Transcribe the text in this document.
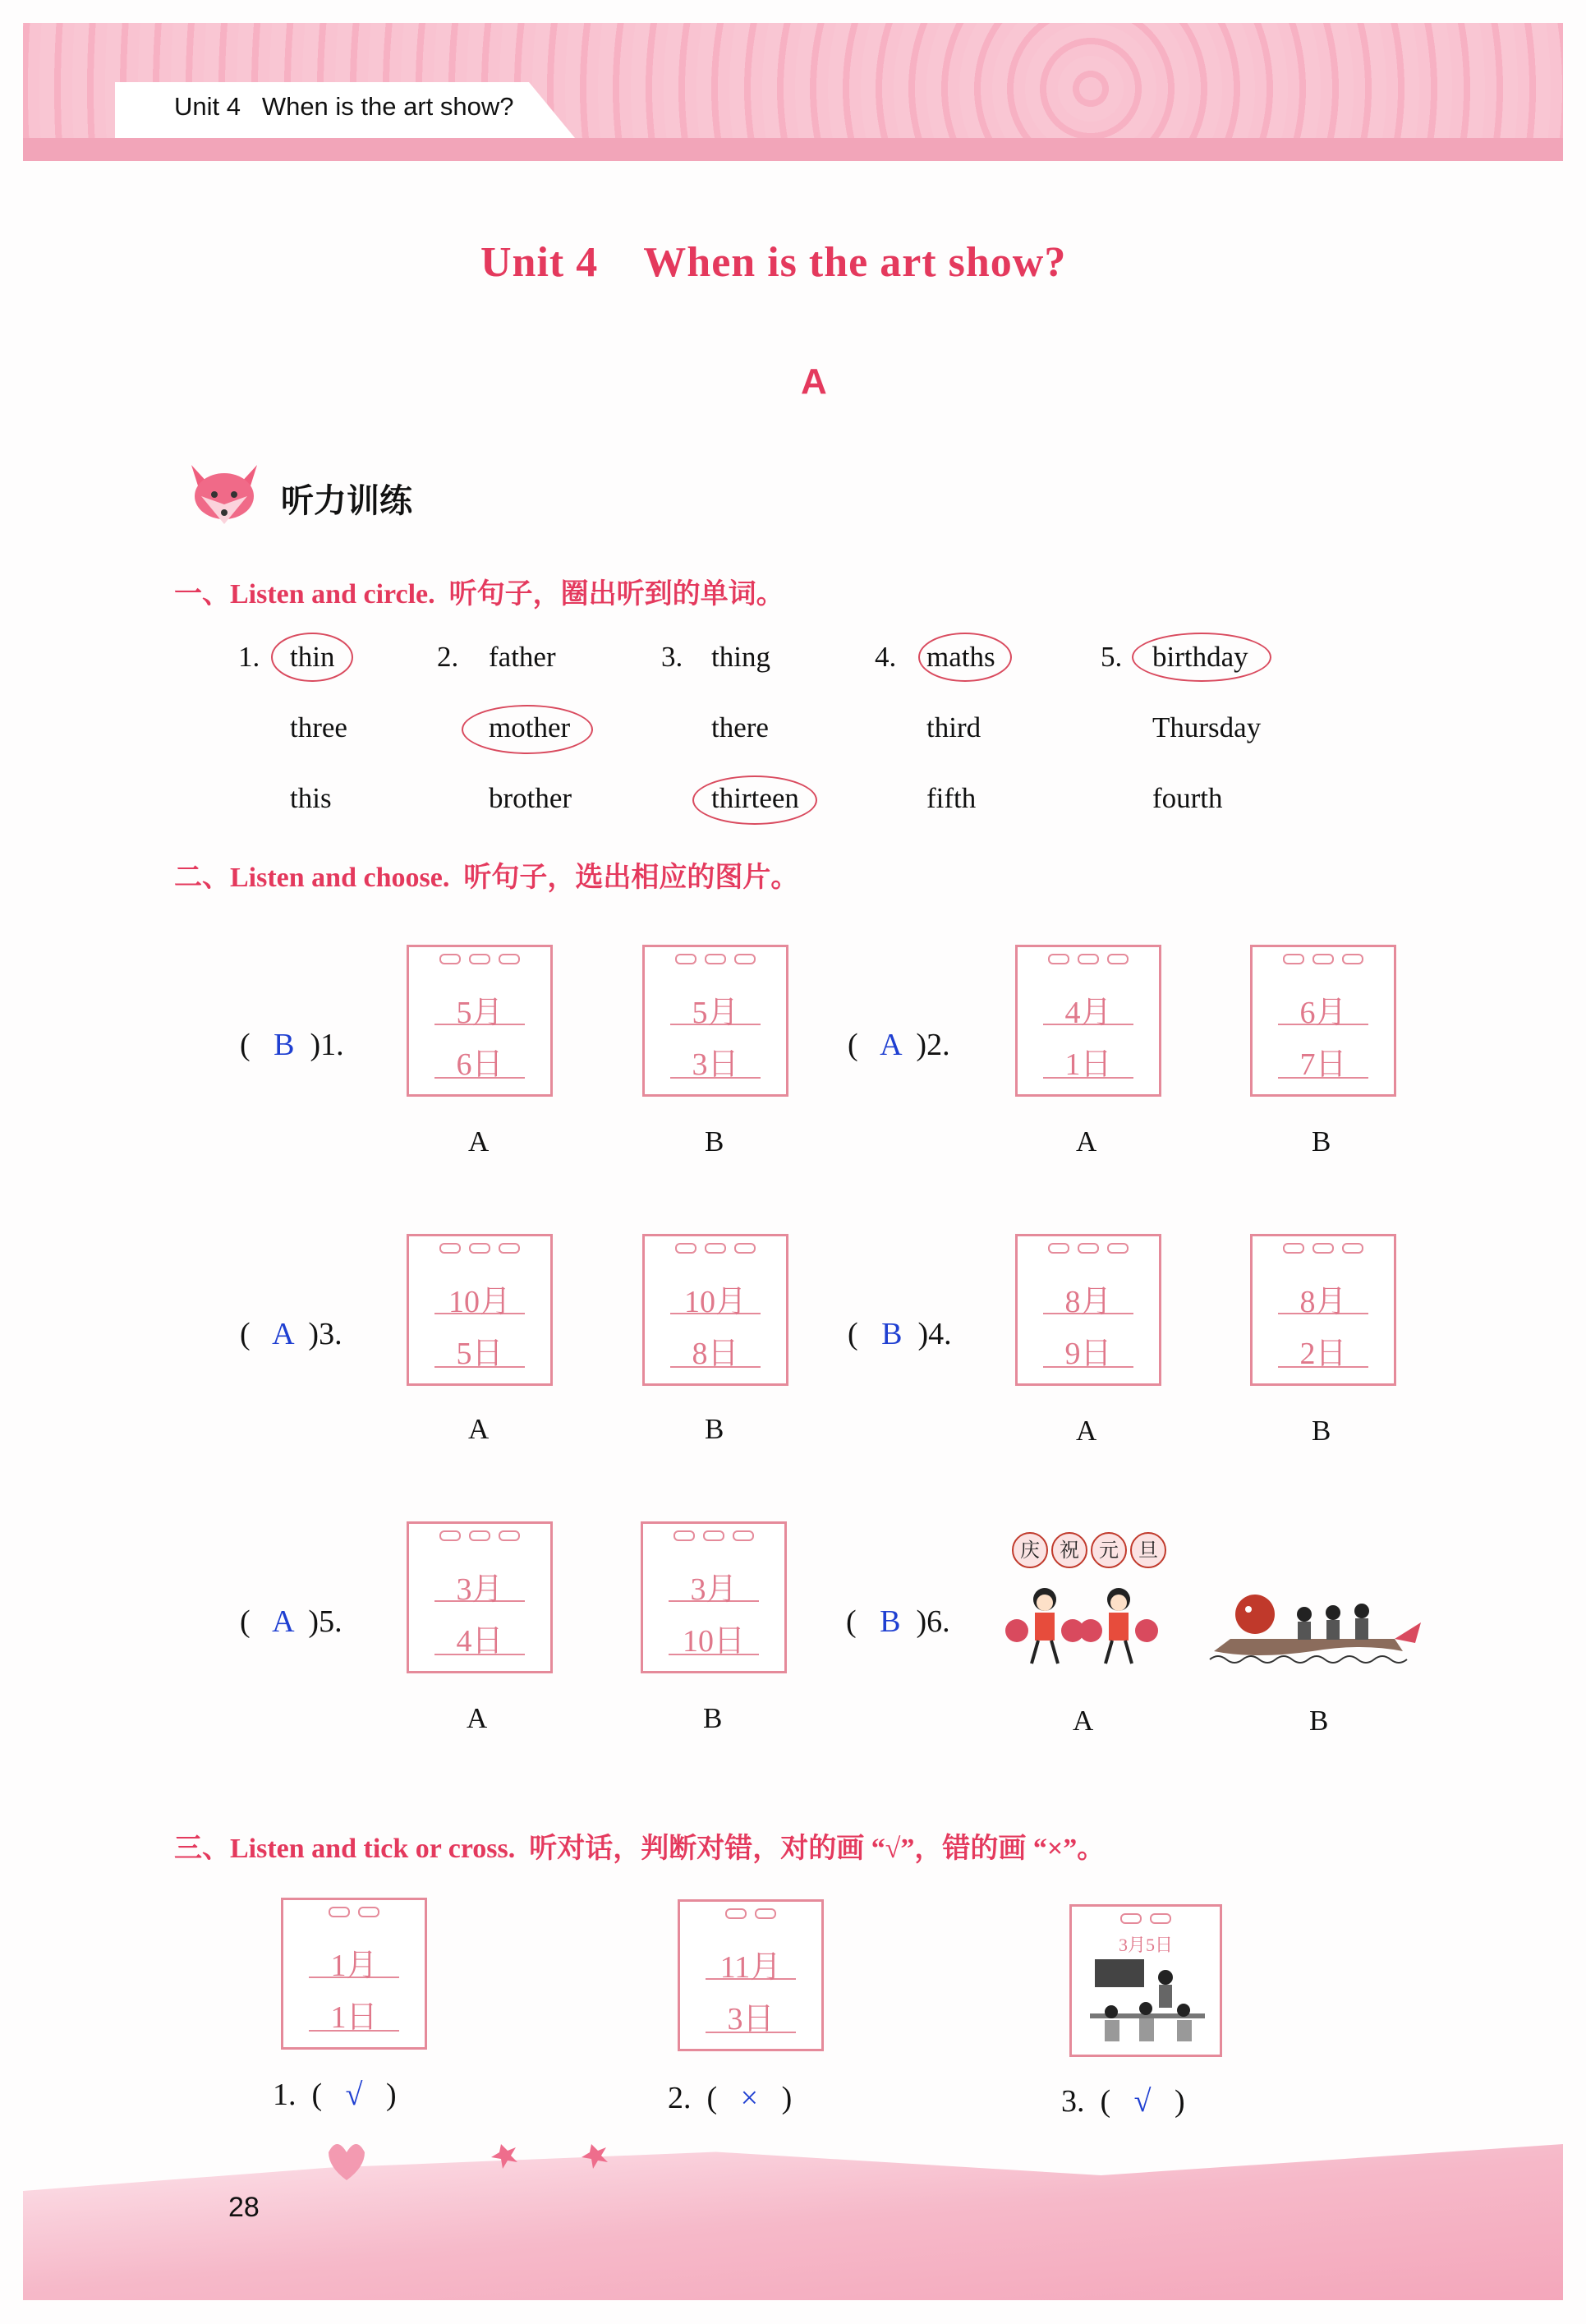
Unit 4   When is the art show?
Unit 4    When is the art show?
A
听力训练
一、Listen and circle.  听句子，圈出听到的单词。
1. thin
three
this
2. father
mother
brother
3. thing
there
thirteen
4. maths
third
fifth
5. birthday
Thursday
fourth
二、Listen and choose.  听句子，选出相应的图片。
( B )1.
5月
6日
5月
3日
A	B
( A )2.
4月
1日
6月
7日
A	B
( A )3.
10月
5日
10月
8日
A	B
( B )4.
8月
9日
8月
2日
A	B
( A )5.
3月
4日
3月
10日
A	B
( B )6.
庆 祝 元 旦
A	B
三、Listen and tick or cross.  听对话，判断对错，对的画 “√”，错的画 “×”。
1月
1日
1. ( √ )
11月
3日
2. ( × )
3月5日
3. ( √ )
28
